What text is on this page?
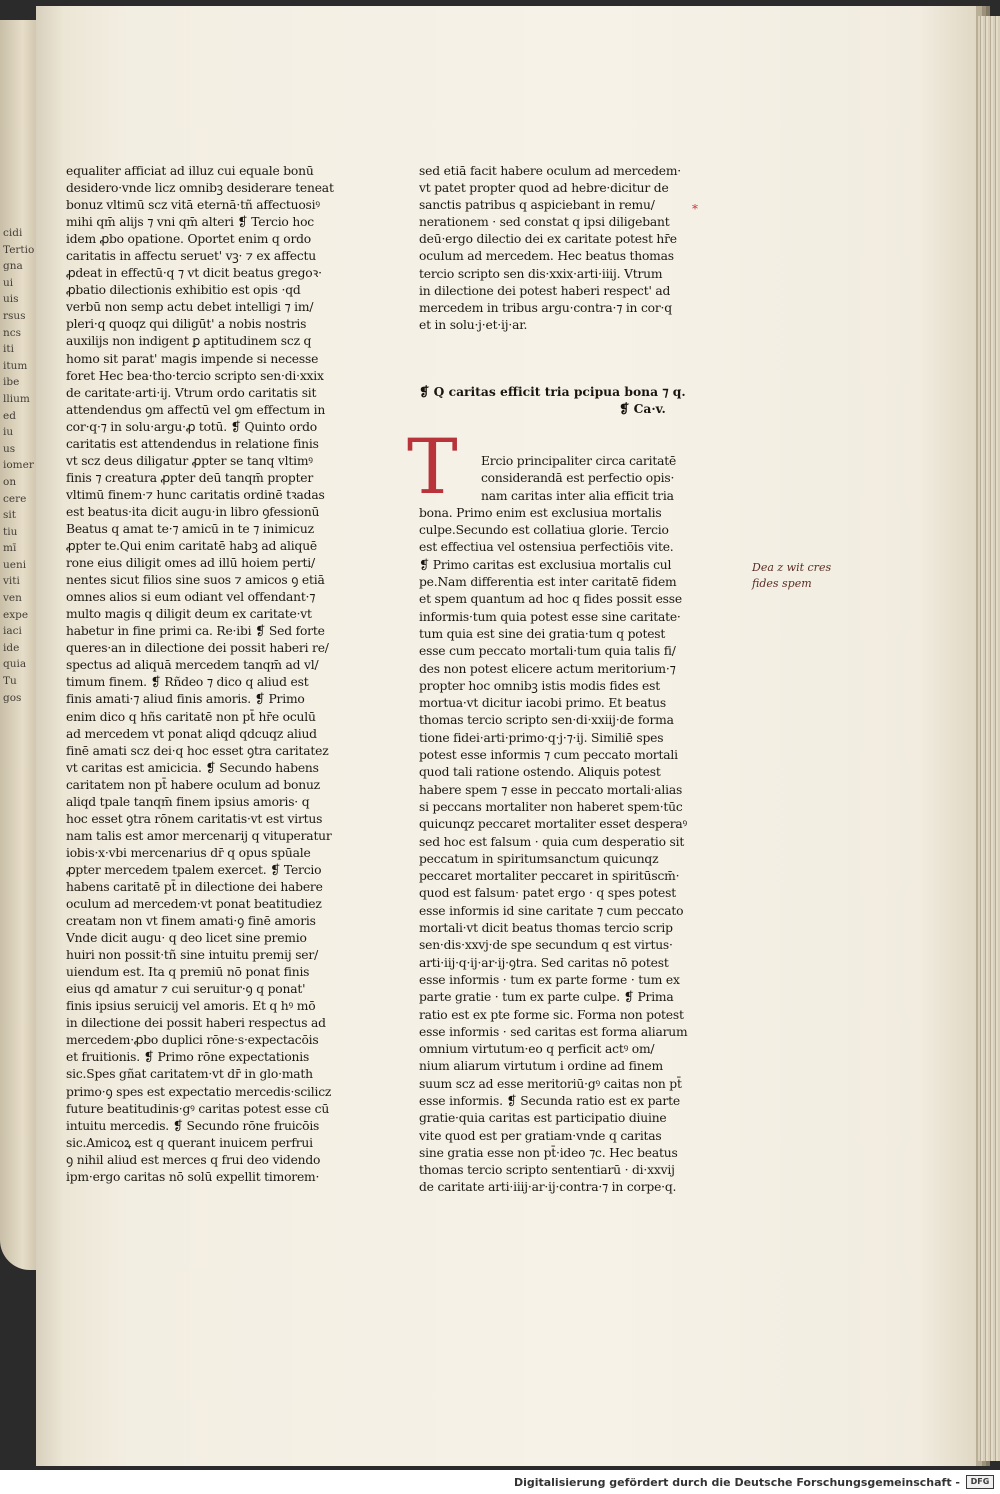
cidi
Tertio
gna
ui
uis
rsus
ncs
iti
itum
ibe
llium
ed
iu
us
iomer
on
cere
sit
tiu
mī
ueni
viti
ven
expe
iaci
ide
quia
Tu
gos
equaliter afficiat ad illuz cui equale bonū
desidero·vnde licz omnibꝫ desiderare teneat
bonuz vltimū scz vitā eternā·tñ affectuosiꝰ
mihi qm̄ alijs ⁊ vni qm̄ alteri ❡ Tercio hoc
idem ꝓbo opatione. Oportet enim q ordo
caritatis in affectu seruet' vꝫ· ⁊ ex affectu
ꝓdeat in effectū·q ⁊ vt dicit beatus gregoꝛ·
ꝓbatio dilectionis exhibitio est opis ·qd
verbū non semp actu debet intelligi ⁊ im/
pleri·q quoqz qui diligūt' a nobis nostris
auxilijs non indigent ꝑ aptitudinem scz q
homo sit parat' magis impende si necesse
foret Hec bea·tho·tercio scripto sen·di·xxix
de caritate·arti·ij. Vtrum ordo caritatis sit
attendendus ꝯm affectū vel ꝯm effectum in
cor·q·⁊ in solu·argu·ꝓ totū. ❡ Quinto ordo
caritatis est attendendus in relatione finis
vt scz deus diligatur ꝓpter se tanq vltimꝰ
finis ⁊ creatura ꝓpter deū tanqm̄ propter
vltimū finem·⁊ hunc caritatis ordinē tꝛadas
est beatus·ita dicit augu·in libro ꝯfessionū
Beatus q amat te·⁊ amicū in te ⁊ inimicuz
ꝓpter te.Qui enim caritatē habꝫ ad aliquē
rone eius diligit omes ad illū hoiem perti/
nentes sicut filios sine suos ⁊ amicos ꝯ etiā
omnes alios si eum odiant vel offendant·⁊
multo magis q diligit deum ex caritate·vt
habetur in fine primi ca. Re·ibi ❡ Sed forte
queres·an in dilectione dei possit haberi re/
spectus ad aliquā mercedem tanqm̄ ad vl/
timum finem. ❡ Rñdeo ⁊ dico q aliud est
finis amati·⁊ aliud finis amoris. ❡ Primo
enim dico q hñs caritatē non pt̄ hr̄e oculū
ad mercedem vt ponat aliqd qdcuqz aliud
finē amati scz dei·q hoc esset ꝯtra caritatez
vt caritas est amicicia. ❡ Secundo habens
caritatem non pt̄ habere oculum ad bonuz
aliqd tpale tanqm̄ finem ipsius amoris· q
hoc esset ꝯtra rōnem caritatis·vt est virtus
nam talis est amor mercenarij q vituperatur
iobis·x·vbi mercenarius dr̄ q opus spūale
ꝓpter mercedem tpalem exercet. ❡ Tercio
habens caritatē pt̄ in dilectione dei habere
oculum ad mercedem·vt ponat beatitudiez
creatam non vt finem amati·ꝯ finē amoris
Vnde dicit augu· q deo licet sine premio
huiri non possit·tñ sine intuitu premij ser/
uiendum est. Ita q premiū nō ponat finis
eius qd amatur ⁊ cui seruitur·ꝯ q ponat'
finis ipsius seruicij vel amoris. Et q hꝰ mō
in dilectione dei possit haberi respectus ad
mercedem·ꝓbo duplici rōne·s·expectacōis
et fruitionis. ❡ Primo rōne expectationis
sic.Spes gñat caritatem·vt dr̄ in glo·math
primo·ꝯ spes est expectatio mercedis·scilicz
future beatitudinis·gꝰ caritas potest esse cū
intuitu mercedis. ❡ Secundo rōne fruicōis
sic.Amicoꝝ est q querant inuicem perfrui
ꝯ nihil aliud est merces q frui deo videndo
ipm·ergo caritas nō solū expellit timorem·
sed etiā facit habere oculum ad mercedem·
vt patet propter quod ad hebre·dicitur de
sanctis patribus q aspiciebant in remu/
nerationem · sed constat q ipsi diligebant
deū·ergo dilectio dei ex caritate potest hr̄e
oculum ad mercedem. Hec beatus thomas
tercio scripto sen dis·xxix·arti·iiij. Vtrum
in dilectione dei potest haberi respect' ad
mercedem in tribus argu·contra·⁊ in cor·q
et in solu·j·et·ij·ar.
⁎
❡ Q caritas efficit tria pcipua bona ⁊ q.
❡ Ca·v.
T	Ercio principaliter circa caritatē
considerandā est perfectio opis·
nam caritas inter alia efficit tria
bona. Primo enim est exclusiua mortalis
culpe.Secundo est collatiua glorie. Tercio
est effectiua vel ostensiua perfectiōis vite.
❡ Primo caritas est exclusiua mortalis cul
pe.Nam differentia est inter caritatē fidem
et spem quantum ad hoc q fides possit esse
informis·tum quia potest esse sine caritate·
tum quia est sine dei gratia·tum q potest
esse cum peccato mortali·tum quia talis fi/
des non potest elicere actum meritorium·⁊
propter hoc omnibꝫ istis modis fides est
mortua·vt dicitur iacobi primo. Et beatus
thomas tercio scripto sen·di·xxiij·de forma
tione fidei·arti·primo·q·j·⁊·ij. Similiē spes
potest esse informis ⁊ cum peccato mortali
quod tali ratione ostendo. Aliquis potest
habere spem ⁊ esse in peccato mortali·alias
si peccans mortaliter non haberet spem·tūc
quicunqz peccaret mortaliter esset desperaꝰ
sed hoc est falsum · quia cum desperatio sit
peccatum in spiritumsanctum quicunqz
peccaret mortaliter peccaret in spiritūscm̄·
quod est falsum· patet ergo · q spes potest
esse informis id sine caritate ⁊ cum peccato
mortali·vt dicit beatus thomas tercio scrip
sen·dis·xxvj·de spe secundum q est virtus·
arti·iij·q·ij·ar·ij·ꝯtra. Sed caritas nō potest
esse informis · tum ex parte forme · tum ex
parte gratie · tum ex parte culpe. ❡ Prima
ratio est ex pte forme sic. Forma non potest
esse informis · sed caritas est forma aliarum
omnium virtutum·eo q perficit actꝰ om/
nium aliarum virtutum i ordine ad finem
suum scz ad esse meritoriū·gꝰ caitas non pt̄
esse informis. ❡ Secunda ratio est ex parte
gratie·quia caritas est participatio diuine
vite quod est per gratiam·vnde q caritas
sine gratia esse non pt̄·ideo ⁊c. Hec beatus
thomas tercio scripto sententiarū · di·xxvij
de caritate arti·iiij·ar·ij·contra·⁊ in corpe·q.
Dea z wit cres
fides spem
Digitalisierung gefördert durch die Deutsche Forschungsgemeinschaft - DFG
